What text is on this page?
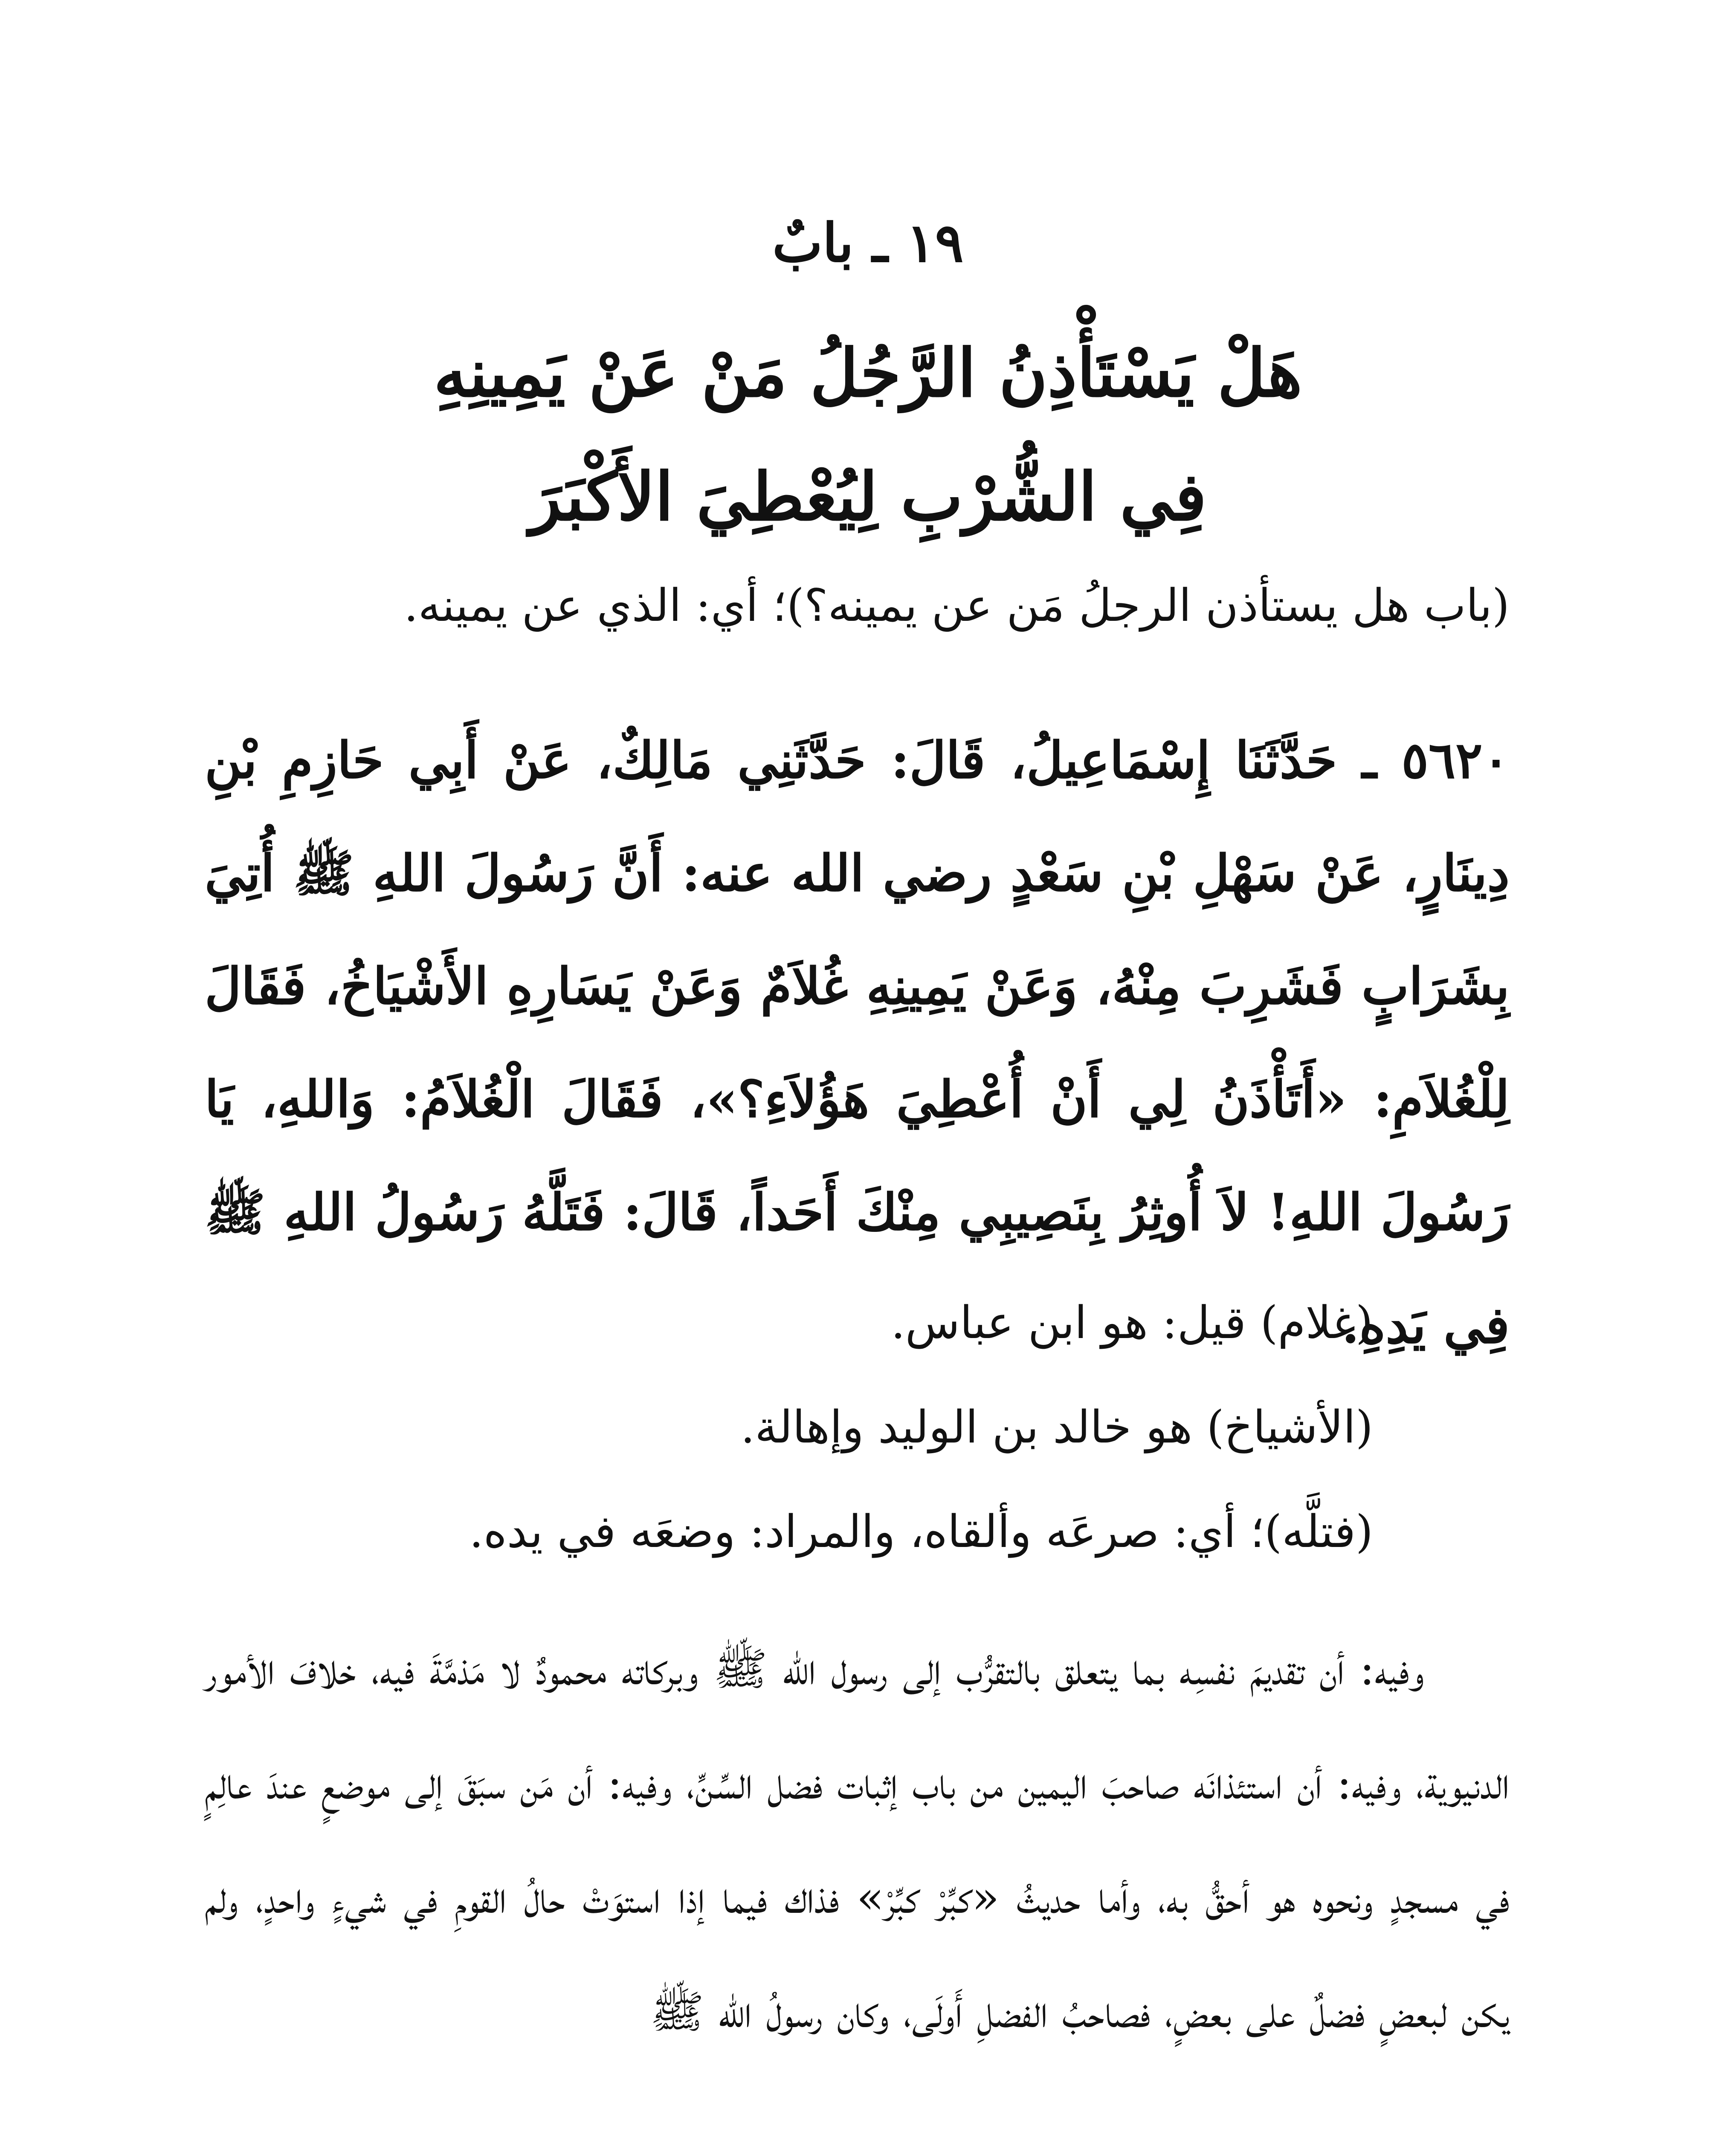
١٩ ـ بابٌ

هَلْ يَسْتَأْذِنُ الرَّجُلُ مَنْ عَنْ يَمِينِهِ
فِي الشُّرْبِ لِيُعْطِيَ الأَكْبَرَ

(باب هل يستأذن الرجلُ مَن عن يمينه؟)؛ أي: الذي عن يمينه.

٥٦٢٠ ـ حَدَّثَنَا إِسْمَاعِيلُ، قَالَ: حَدَّثَنِي مَالِكٌ، عَنْ أَبِي حَازِمِ بْنِ دِينَارٍ، عَنْ سَهْلِ بْنِ سَعْدٍ رضي الله عنه: أَنَّ رَسُولَ اللهِ ﷺ أُتِيَ بِشَرَابٍ فَشَرِبَ مِنْهُ، وَعَنْ يَمِينِهِ غُلاَمٌ وَعَنْ يَسَارِهِ الأَشْيَاخُ، فَقَالَ لِلْغُلاَمِ: «أَتَأْذَنُ لِي أَنْ أُعْطِيَ هَؤُلاَءِ؟»، فَقَالَ الْغُلاَمُ: وَاللهِ، يَا رَسُولَ اللهِ! لاَ أُوثِرُ بِنَصِيبِي مِنْكَ أَحَداً، قَالَ: فَتَلَّهُ رَسُولُ اللهِ ﷺ فِي يَدِهِ.

(غلام) قيل: هو ابن عباس.
(الأشياخ) هو خالد بن الوليد وإهالة.
(فتلَّه)؛ أي: صرعَه وألقاه، والمراد: وضعَه في يده.

وفيه: أن تقديمَ نفسِه بما يتعلق بالتقرُّب إلى رسول الله ﷺ وبركاته محمودٌ لا مَذمَّةَ فيه، خلافَ الأمور الدنيوية، وفيه: أن استئذانَه صاحبَ اليمين من باب إثبات فضل السِّنِّ، وفيه: أن مَن سبَقَ إلى موضعٍ عندَ عالِمٍ في مسجدٍ ونحوه هو أحقُّ به، وأما حديثُ «كبِّرْ كبِّرْ» فذاك فيما إذا استوَتْ حالُ القومِ في شيءٍ واحدٍ، ولم يكن لبعضٍ فضلٌ على بعضٍ، فصاحبُ الفضلِ أَولَى، وكان رسولُ الله ﷺ
